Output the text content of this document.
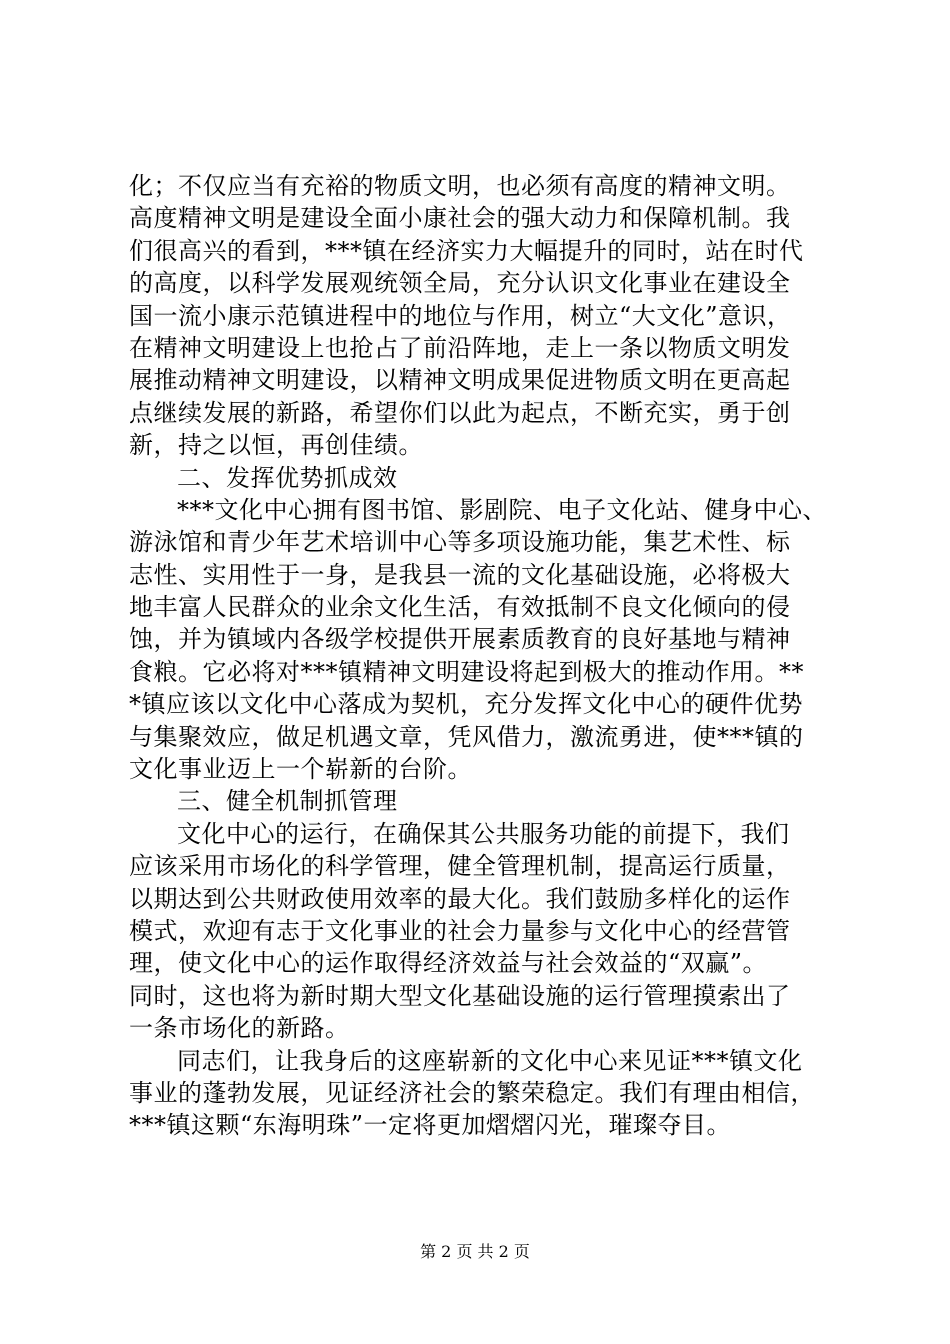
化；不仅应当有充裕的物质文明，也必须有高度的精神文明。
高度精神文明是建设全面小康社会的强大动力和保障机制。我
们很高兴的看到，***镇在经济实力大幅提升的同时，站在时代
的高度，以科学发展观统领全局，充分认识文化事业在建设全
国一流小康示范镇进程中的地位与作用，树立“大文化”意识，
在精神文明建设上也抢占了前沿阵地，走上一条以物质文明发
展推动精神文明建设，以精神文明成果促进物质文明在更高起
点继续发展的新路，希望你们以此为起点，不断充实，勇于创
新，持之以恒，再创佳绩。
二、发挥优势抓成效
***文化中心拥有图书馆、影剧院、电子文化站、健身中心、
游泳馆和青少年艺术培训中心等多项设施功能，集艺术性、标
志性、实用性于一身，是我县一流的文化基础设施，必将极大
地丰富人民群众的业余文化生活，有效抵制不良文化倾向的侵
蚀，并为镇域内各级学校提供开展素质教育的良好基地与精神
食粮。它必将对***镇精神文明建设将起到极大的推动作用。**
*镇应该以文化中心落成为契机，充分发挥文化中心的硬件优势
与集聚效应，做足机遇文章，凭风借力，激流勇进，使***镇的
文化事业迈上一个崭新的台阶。
三、健全机制抓管理
文化中心的运行，在确保其公共服务功能的前提下，我们
应该采用市场化的科学管理，健全管理机制，提高运行质量，
以期达到公共财政使用效率的最大化。我们鼓励多样化的运作
模式，欢迎有志于文化事业的社会力量参与文化中心的经营管
理，使文化中心的运作取得经济效益与社会效益的“双赢”。
同时，这也将为新时期大型文化基础设施的运行管理摸索出了
一条市场化的新路。
同志们，让我身后的这座崭新的文化中心来见证***镇文化
事业的蓬勃发展，见证经济社会的繁荣稳定。我们有理由相信，
***镇这颗“东海明珠”一定将更加熠熠闪光，璀璨夺目。
第 2 页 共 2 页
